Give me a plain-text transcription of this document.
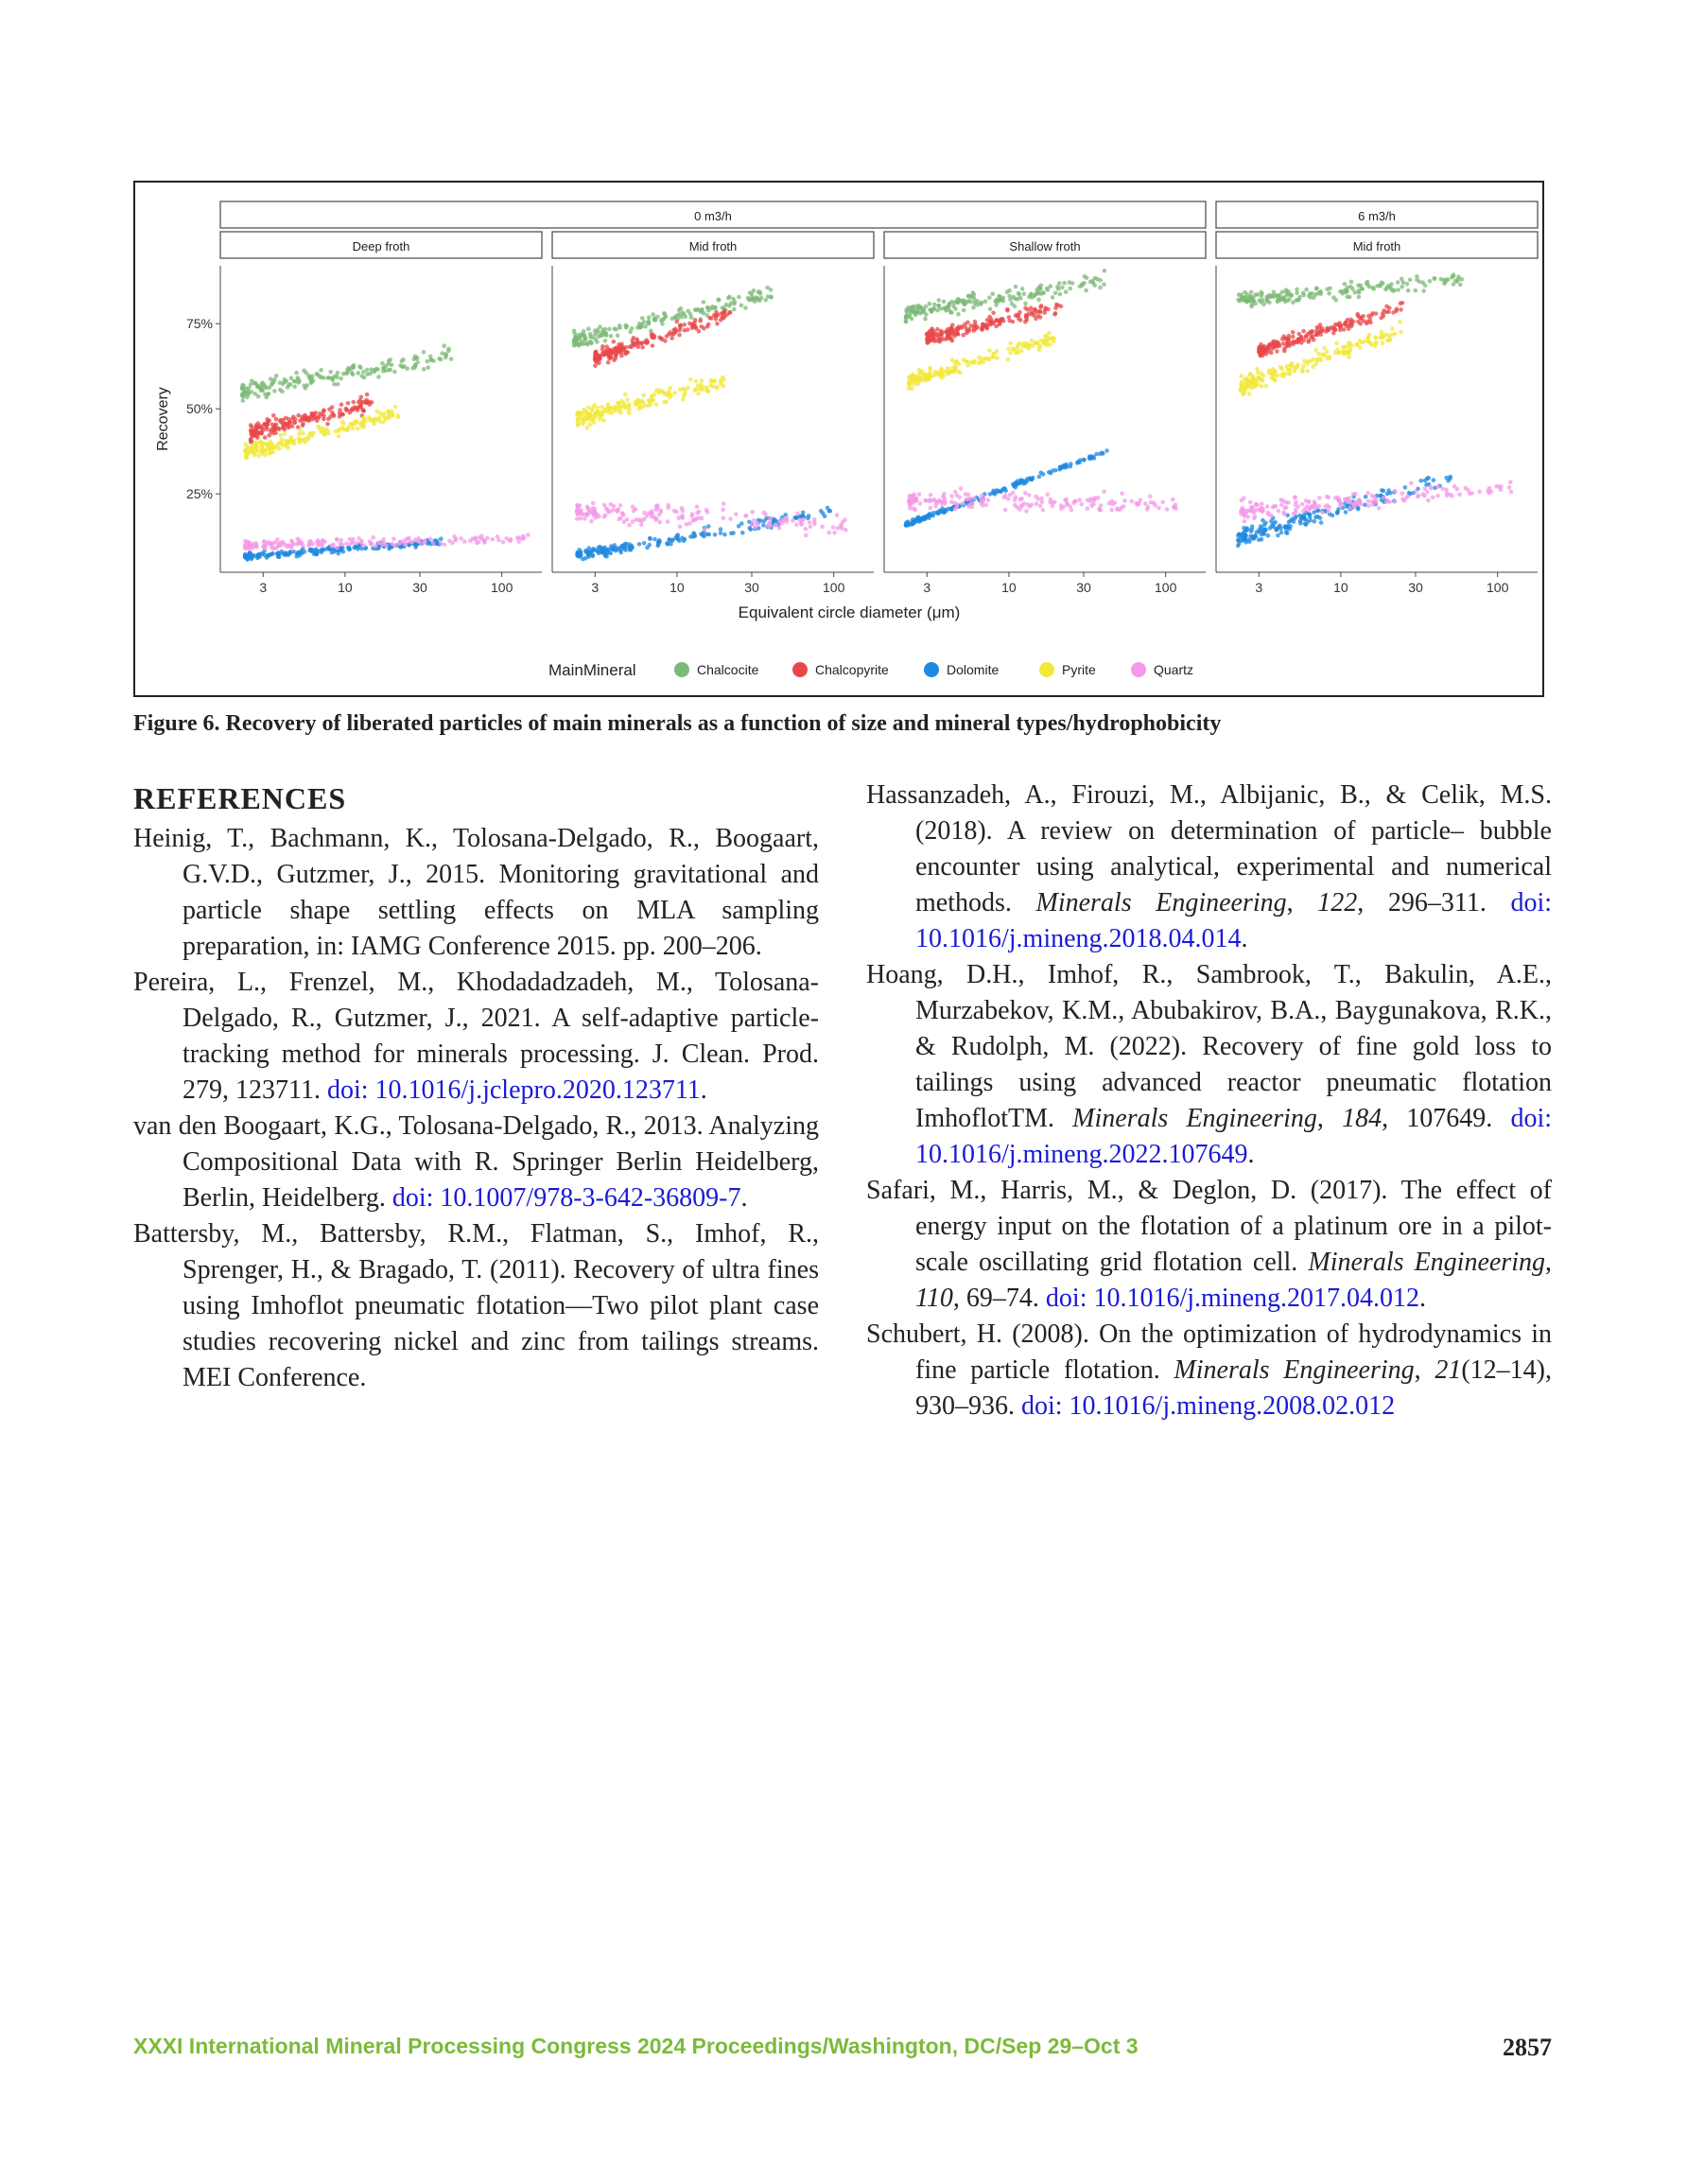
0 m3/h	6 m3/h
Deep froth
3	10	30	100
Mid froth
3	10	30	100
Shallow froth
3	10	30	100
Mid froth
3	10	30	100
25%
50%
75%
Recovery
Equivalent circle diameter (μm)
MainMineral	Chalcocite	Chalcopyrite	Dolomite	Pyrite	Quartz
Figure 6. Recovery of liberated particles of main minerals as a function of size and mineral types/hydrophobicity
REFERENCES
Heinig, T., Bachmann, K., Tolosana-Delgado, R., Boogaart, G.V.D., Gutzmer, J., 2015. Monitoring gravitational and particle shape settling effects on MLA sampling preparation, in: IAMG Conference 2015. pp. 200–206.
Pereira, L., Frenzel, M., Khodadadzadeh, M., Tolosana-Delgado, R., Gutzmer, J., 2021. A self-adaptive particle-tracking method for minerals processing. J. Clean. Prod. 279, 123711. doi: 10.1016/j.jclepro.2020.123711.
van den Boogaart, K.G., Tolosana-Delgado, R., 2013. Analyzing Compositional Data with R. Springer Berlin Heidelberg, Berlin, Heidelberg. doi: 10.1007/978-3-642-36809-7.
Battersby, M., Battersby, R.M., Flatman, S., Imhof, R., Sprenger, H., & Bragado, T. (2011). Recovery of ultra fines using Imhoflot pneumatic flotation—Two pilot plant case studies recovering nickel and zinc from tailings streams. MEI Conference.
Hassanzadeh, A., Firouzi, M., Albijanic, B., & Celik, M.S. (2018). A review on determination of particle– bubble encounter using analytical, experimental and numerical methods. Minerals Engineering, 122, 296–311. doi: 10.1016/j.mineng.2018.04.014.
Hoang, D.H., Imhof, R., Sambrook, T., Bakulin, A.E., Murzabekov, K.M., Abubakirov, B.A., Baygunakova, R.K., & Rudolph, M. (2022). Recovery of fine gold loss to tailings using advanced reactor pneumatic flotation ImhoflotTM. Minerals Engineering, 184, 107649. doi: 10.1016/j.mineng.2022.107649.
Safari, M., Harris, M., & Deglon, D. (2017). The effect of energy input on the flotation of a platinum ore in a pilot-scale oscillating grid flotation cell. Minerals Engineering, 110, 69–74. doi: 10.1016/j.mineng.2017.04.012.
Schubert, H. (2008). On the optimization of hydrodynamics in fine particle flotation. Minerals Engineering, 21(12–14), 930–936. doi: 10.1016/j.mineng.2008.02.012
XXXI International Mineral Processing Congress 2024 Proceedings/Washington, DC/Sep 29–Oct 3	2857
